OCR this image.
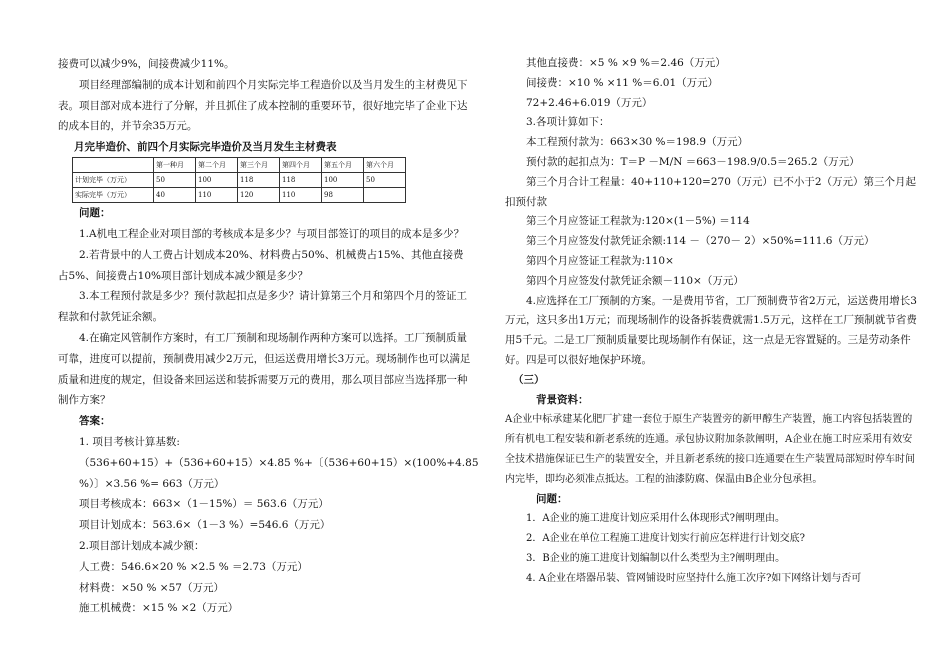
接费可以减少9%，间接费减少11%。
项目经理部编制的成本计划和前四个月实际完毕工程造价以及当月发生的主材费见下表。项目部对成本进行了分解，并且抓住了成本控制的重要环节，很好地完毕了企业下达的成本目的，并节余35万元。
月完毕造价、前四个月实际完毕造价及当月发生主材费表
	第一种月	第二个月	第三个月	第四个月	第五个月	第六个月
计划完毕（万元）	50	100	118	118	100	50
实际完毕（万元）	40	110	120	110	98	
问题：
1.A机电工程企业对项目部的考核成本是多少？与项目部签订的项目的成本是多少？
2.若背景中的人工费占计划成本20%、材料费占50%、机械费占15%、其他直接费占5%、间接费占10%项目部计划成本减少额是多少？
3.本工程预付款是多少？预付款起扣点是多少？请计算第三个月和第四个月的签证工程款和付款凭证余额。
4.在确定风管制作方案时，有工厂预制和现场制作两种方案可以选择。工厂预制质量可靠，进度可以提前，预制费用减少2万元，但运送费用增长3万元。现场制作也可以满足质量和进度的规定，但设备来回运送和装拆需要万元的费用，那么项目部应当选择那一种制作方案？
答案：
1. 项目考核计算基数:
（536+60+15）+（536+60+15）×4.85 %+〔（536+60+15）×(100%+4.85
%）〕×3.56 %= 663（万元）
项目考核成本：663×（1－15%）＝ 563.6（万元）
项目计划成本：563.6×（1－3 %）=546.6（万元）
2.项目部计划成本减少额：
人工费：546.6×20 % ×2.5 % ＝2.73（万元）
材料费：×50 % ×57（万元）
施工机械费：×15 % ×2（万元）
其他直接费：×5 % ×9 %＝2.46（万元）
间接费：×10 % ×11 %＝6.01（万元）
72+2.46+6.019（万元）
3.各项计算如下：
本工程预付款为：663×30 %＝198.9（万元）
预付款的起扣点为：T＝P －M/N ＝663－198.9/0.5＝265.2（万元）
第三个月合计工程量：40+110+120=270（万元）已不小于2（万元）第三个月起扣预付款
第三个月应签证工程款为:120×(1－5%) ＝114
第三个月应签发付款凭证余额:114 －（270－ 2）×50%=111.6（万元）
第四个月应签证工程款为:110×
第四个月应签发付款凭证余额－110×（万元）
4.应选择在工厂预制的方案。一是费用节省，工厂预制费节省2万元，运送费用增长3万元，这只多出1万元；而现场制作的设备拆装费就需1.5万元，这样在工厂预制就节省费用5千元。二是工厂预制质量要比现场制作有保证，这一点是无容置疑的。三是劳动条件好。四是可以很好地保护环境。
（三）
背景资料：
A企业中标承建某化肥厂扩建一套位于原生产装置旁的新甲醇生产装置，施工内容包括装置的所有机电工程安装和新老系统的连通。承包协议附加条款阐明，A企业在施工时应采用有效安全技术措施保证已生产的装置安全，并且新老系统的接口连通要在生产装置局部短时停车时间内完毕，即均必须准点抵达。工程的油漆防腐、保温由B企业分包承担。
问题：
1．A企业的施工进度计划应采用什么体现形式?阐明理由。
2．A企业在单位工程施工进度计划实行前应怎样进行计划交底?
3．B企业的施工进度计划编制以什么类型为主?阐明理由。
4. A企业在塔器吊装、管网铺设时应坚持什么施工次序?如下网络计划与否可
